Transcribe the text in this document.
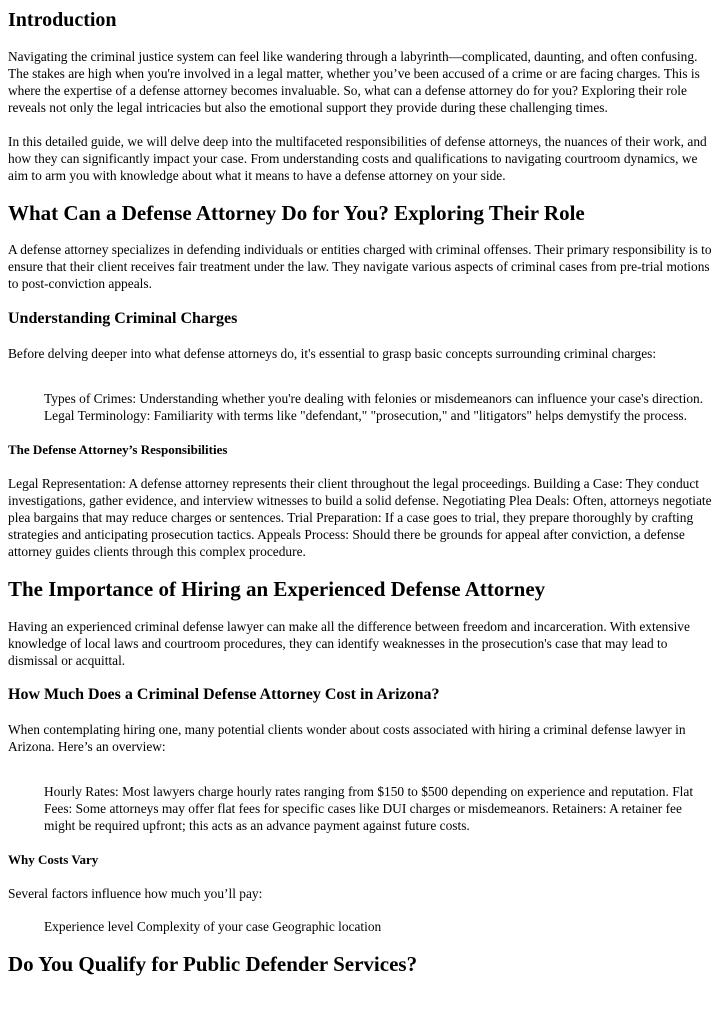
Introduction

Navigating the criminal justice system can feel like wandering through a labyrinth—complicated, daunting, and often confusing. The stakes are high when you're involved in a legal matter, whether you’ve been accused of a crime or are facing charges. This is where the expertise of a defense attorney becomes invaluable. So, what can a defense attorney do for you? Exploring their role reveals not only the legal intricacies but also the emotional support they provide during these challenging times.

In this detailed guide, we will delve deep into the multifaceted responsibilities of defense attorneys, the nuances of their work, and how they can significantly impact your case. From understanding costs and qualifications to navigating courtroom dynamics, we aim to arm you with knowledge about what it means to have a defense attorney on your side.

What Can a Defense Attorney Do for You? Exploring Their Role

A defense attorney specializes in defending individuals or entities charged with criminal offenses. Their primary responsibility is to ensure that their client receives fair treatment under the law. They navigate various aspects of criminal cases from pre-trial motions to post-conviction appeals.

Understanding Criminal Charges

Before delving deeper into what defense attorneys do, it's essential to grasp basic concepts surrounding criminal charges:

Types of Crimes: Understanding whether you're dealing with felonies or misdemeanors can influence your case's direction. Legal Terminology: Familiarity with terms like "defendant," "prosecution," and "litigators" helps demystify the process.
The Defense Attorney’s Responsibilities

Legal Representation: A defense attorney represents their client throughout the legal proceedings. Building a Case: They conduct investigations, gather evidence, and interview witnesses to build a solid defense. Negotiating Plea Deals: Often, attorneys negotiate plea bargains that may reduce charges or sentences. Trial Preparation: If a case goes to trial, they prepare thoroughly by crafting strategies and anticipating prosecution tactics. Appeals Process: Should there be grounds for appeal after conviction, a defense attorney guides clients through this complex procedure.

The Importance of Hiring an Experienced Defense Attorney

Having an experienced criminal defense lawyer can make all the difference between freedom and incarceration. With extensive knowledge of local laws and courtroom procedures, they can identify weaknesses in the prosecution's case that may lead to dismissal or acquittal.

How Much Does a Criminal Defense Attorney Cost in Arizona?

When contemplating hiring one, many potential clients wonder about costs associated with hiring a criminal defense lawyer in Arizona. Here’s an overview:

Hourly Rates: Most lawyers charge hourly rates ranging from $150 to $500 depending on experience and reputation. Flat Fees: Some attorneys may offer flat fees for specific cases like DUI charges or misdemeanors. Retainers: A retainer fee might be required upfront; this acts as an advance payment against future costs.
Why Costs Vary

Several factors influence how much you’ll pay:

Experience level Complexity of your case Geographic location
Do You Qualify for Public Defender Services?
